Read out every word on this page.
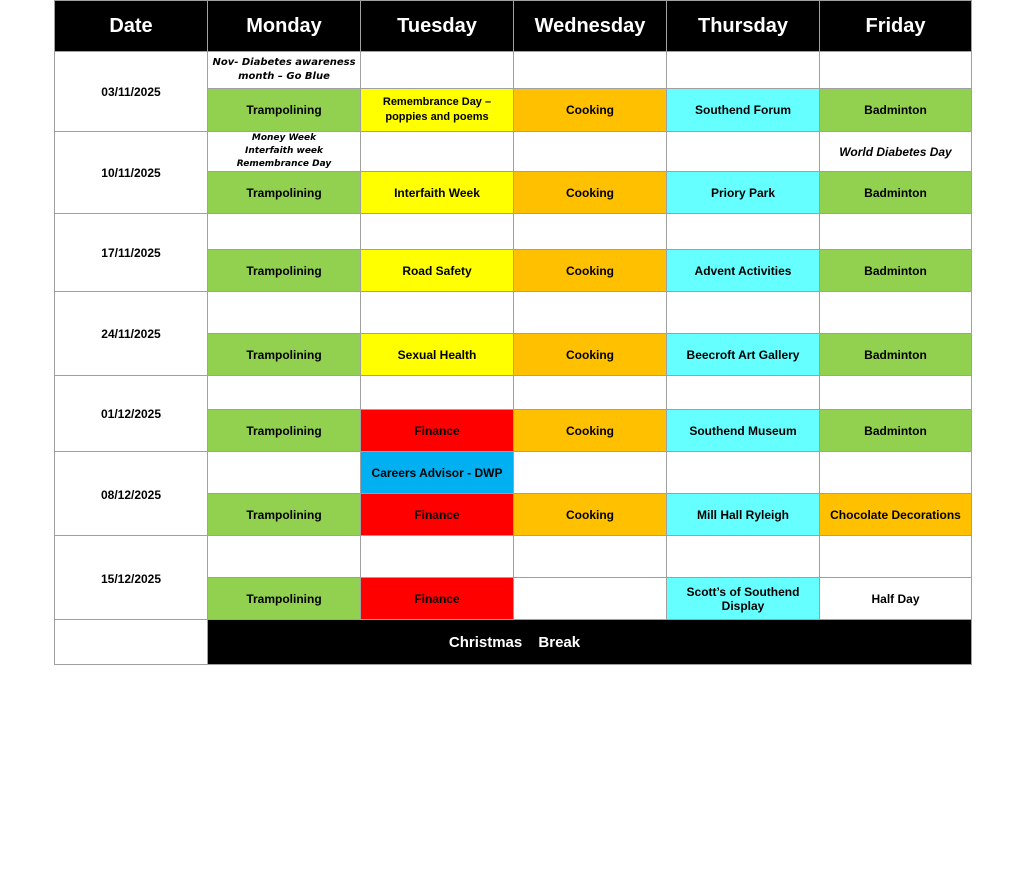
Date	Monday	Tuesday	Wednesday	Thursday	Friday
03/11/2025	Nov- Diabetes awareness month – Go Blue				
	Trampolining	Remembrance Day – poppies and poems	Cooking	Southend Forum	Badminton
10/11/2025	Money Week
Interfaith week
Remembrance Day				World Diabetes Day
	Trampolining	Interfaith Week	Cooking	Priory Park	Badminton
17/11/2025					
	Trampolining	Road Safety	Cooking	Advent Activities	Badminton
24/11/2025					
	Trampolining	Sexual Health	Cooking	Beecroft Art Gallery	Badminton
01/12/2025					
	Trampolining	Finance	Cooking	Southend Museum	Badminton
08/12/2025		Careers Advisor - DWP			
	Trampolining	Finance	Cooking	Mill Hall Ryleigh	Chocolate Decorations
15/12/2025					
	Trampolining	Finance		Scott’s of Southend Display	Half Day
	Christmas Break				
